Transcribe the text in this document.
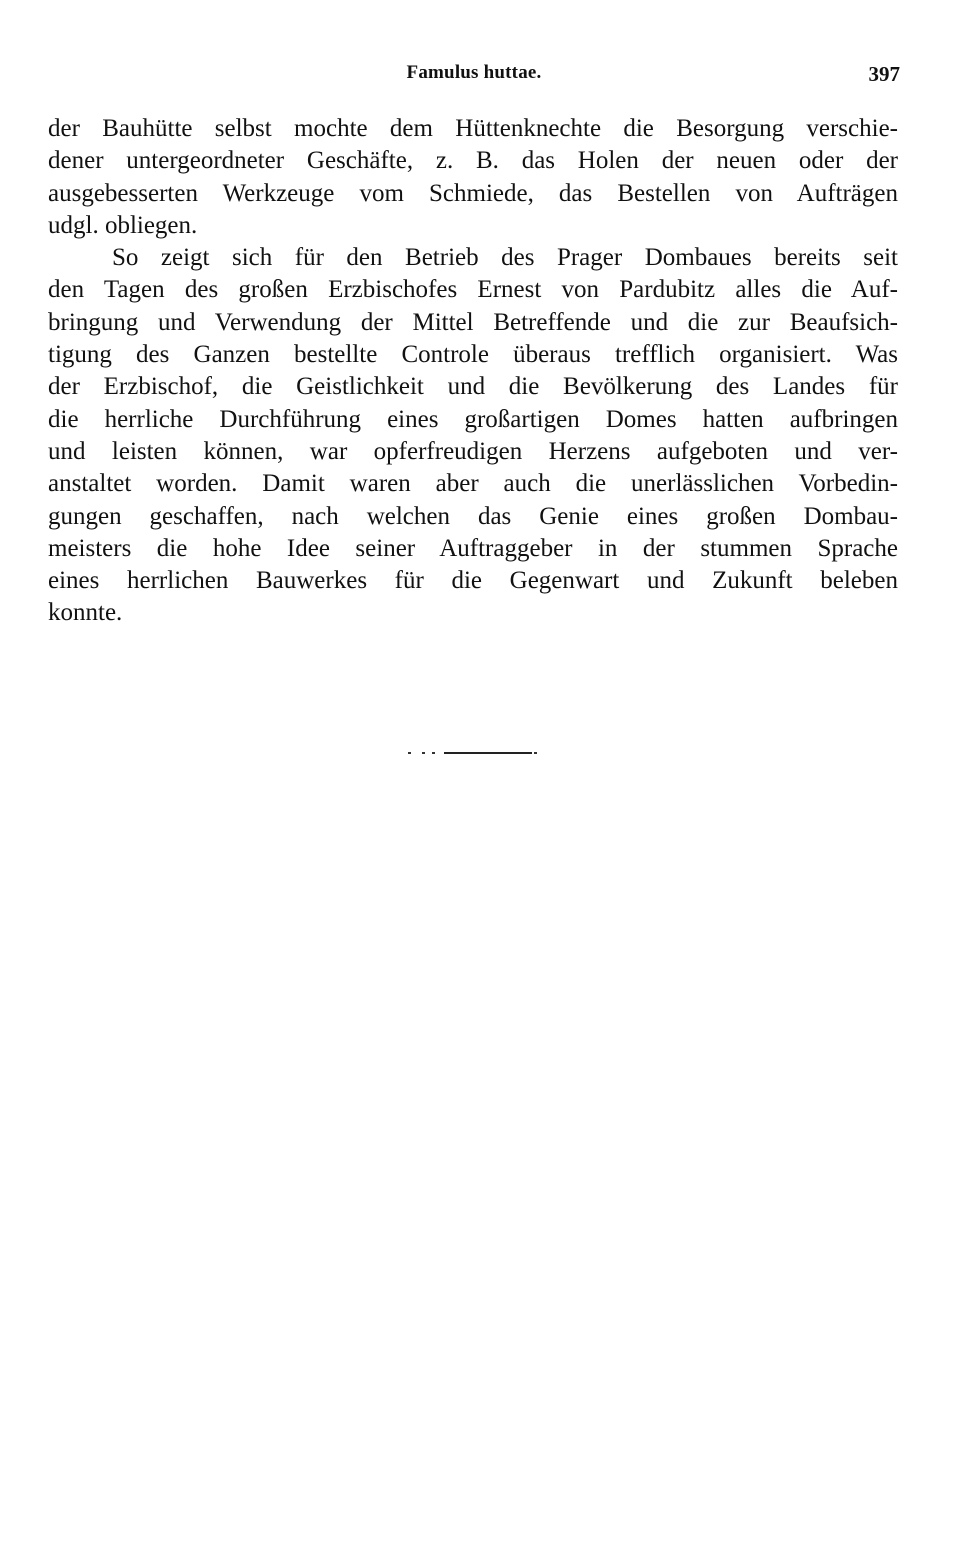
Famulus huttae.	397
der Bauhütte selbst mochte dem Hüttenknechte die Besorgung verschie-
dener untergeordneter Geschäfte, z. B. das Holen der neuen oder der
ausgebesserten Werkzeuge vom Schmiede, das Bestellen von Aufträgen
udgl. obliegen.
So zeigt sich für den Betrieb des Prager Dombaues bereits seit
den Tagen des großen Erzbischofes Ernest von Pardubitz alles die Auf-
bringung und Verwendung der Mittel Betreffende und die zur Beaufsich-
tigung des Ganzen bestellte Controle überaus trefflich organisiert. Was
der Erzbischof, die Geistlichkeit und die Bevölkerung des Landes für
die herrliche Durchführung eines großartigen Domes hatten aufbringen
und leisten können, war opferfreudigen Herzens aufgeboten und ver-
anstaltet worden. Damit waren aber auch die unerlässlichen Vorbedin-
gungen geschaffen, nach welchen das Genie eines großen Dombau-
meisters die hohe Idee seiner Auftraggeber in der stummen Sprache
eines herrlichen Bauwerkes für die Gegenwart und Zukunft beleben
konnte.
